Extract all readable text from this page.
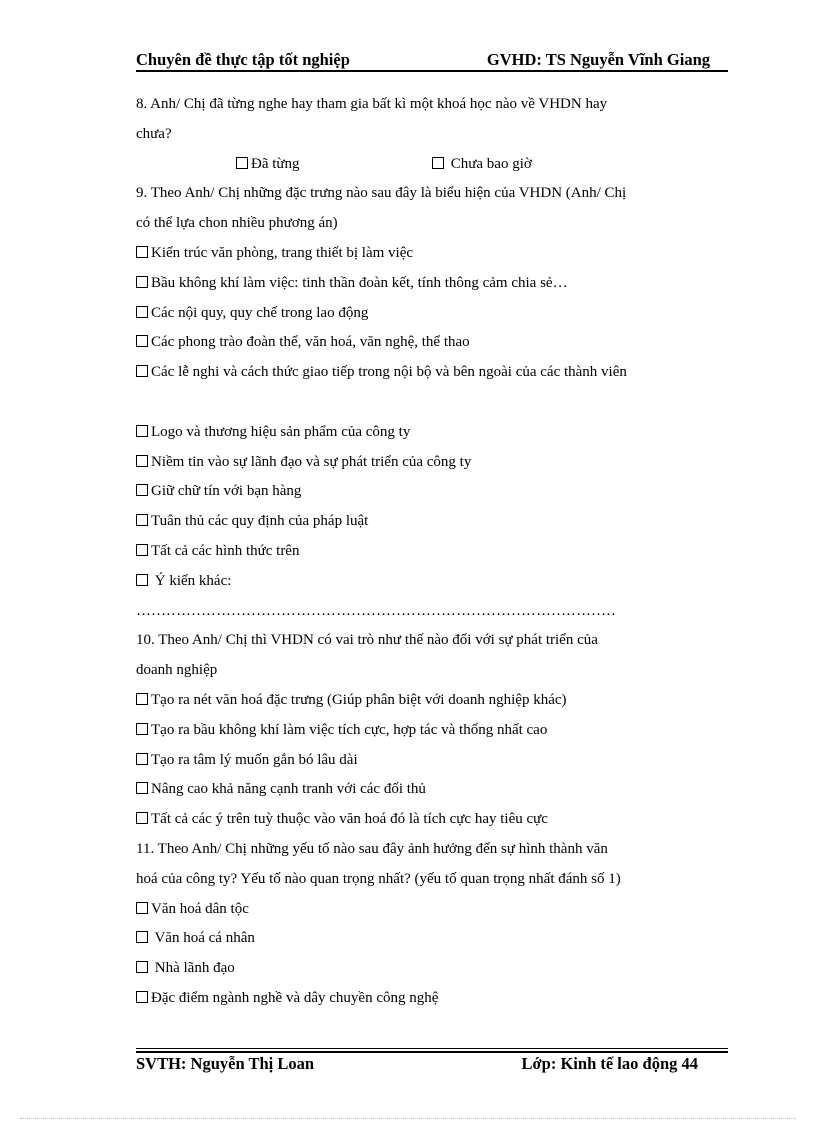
Chuyên đề thực tập tốt nghiệp	GVHD: TS Nguyễn Vĩnh Giang
8. Anh/ Chị đã từng nghe hay tham gia bất kì một khoá học nào về VHDN hay
chưa?
Đã từng	Chưa bao giờ
9. Theo Anh/ Chị những đặc trưng nào sau đây là biểu hiện của VHDN (Anh/ Chị
có thể lựa chon nhiều phương án)
Kiến trúc văn phòng, trang thiết bị làm việc
Bầu không khí làm việc: tinh thần đoàn kết, tính thông cảm chia sẻ…
Các nội quy, quy chế trong lao động
Các phong trào đoàn thể, văn hoá, văn nghệ, thể thao
Các lễ nghi và cách thức giao tiếp trong nội bộ và bên ngoài của các thành viên
Logo và thương hiệu sản phẩm của công ty
Niềm tin vào sự lãnh đạo và sự phát triển của công ty
Giữ chữ tín với bạn hàng
Tuân thủ các quy định của pháp luật
Tất cả các hình thức trên
Ý kiến khác:
……………………………………………………………………………………
10. Theo Anh/ Chị thì VHDN có vai trò như thế nào đối với sự phát triển của
doanh nghiệp
Tạo ra nét văn hoá đặc trưng (Giúp phân biệt với doanh nghiệp khác)
Tạo ra bầu không khí làm việc tích cực, hợp tác và thống nhất cao
Tạo ra tâm lý muốn gắn bó lâu dài
Nâng cao khả năng cạnh tranh với các đối thủ
Tất cả các ý trên tuỳ thuộc vào văn hoá đó là tích cực hay tiêu cực
11. Theo Anh/ Chị những yếu tố nào sau đây ảnh hưởng đến sự hình thành văn
hoá của công ty? Yếu tố nào quan trọng nhất? (yếu tố quan trọng nhất đánh số 1)
Văn hoá dân tộc
Văn hoá cá nhân
Nhà lãnh đạo
Đặc điểm ngành nghề và dây chuyền công nghệ
SVTH: Nguyễn Thị Loan	Lớp: Kinh tế lao động 44
